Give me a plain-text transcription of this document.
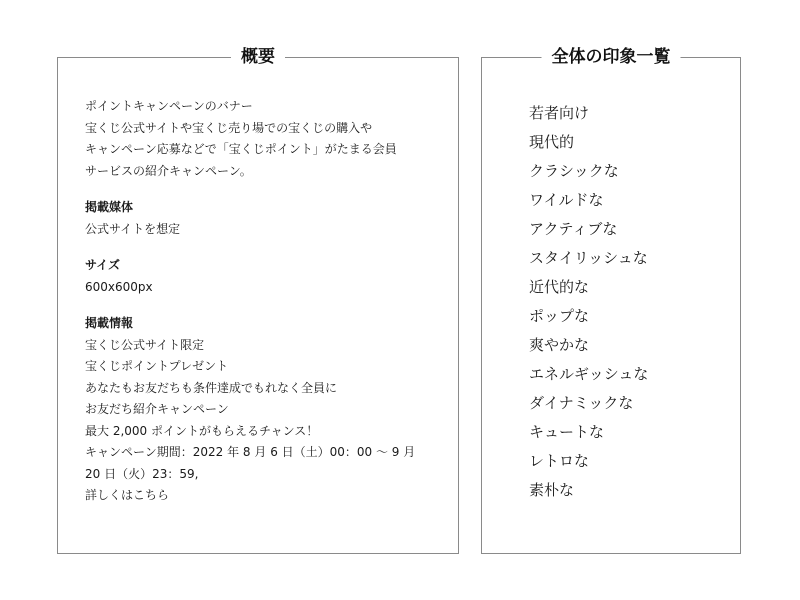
概要

ポイントキャンペーンのバナー

宝くじ公式サイトや宝くじ売り場での宝くじの購入や

キャンペーン応募などで「宝くじポイント」がたまる会員

サービスの紹介キャンペーン。

掲載媒体

公式サイトを想定

サイズ

600x600px

掲載情報

宝くじ公式サイト限定

宝くじポイントプレゼント

あなたもお友だちも条件達成でもれなく全員に

お友だち紹介キャンペーン

最大 2,000 ポイントがもらえるチャンス！

キャンペーン期間：2022 年 8 月 6 日（土）00：00 ～ 9 月

20 日（火）23：59,

詳しくはこちら

全体の印象一覧
若者向け
現代的
クラシックな
ワイルドな
アクティブな
スタイリッシュな
近代的な
ポップな
爽やかな
エネルギッシュな
ダイナミックな
キュートな
レトロな
素朴な
